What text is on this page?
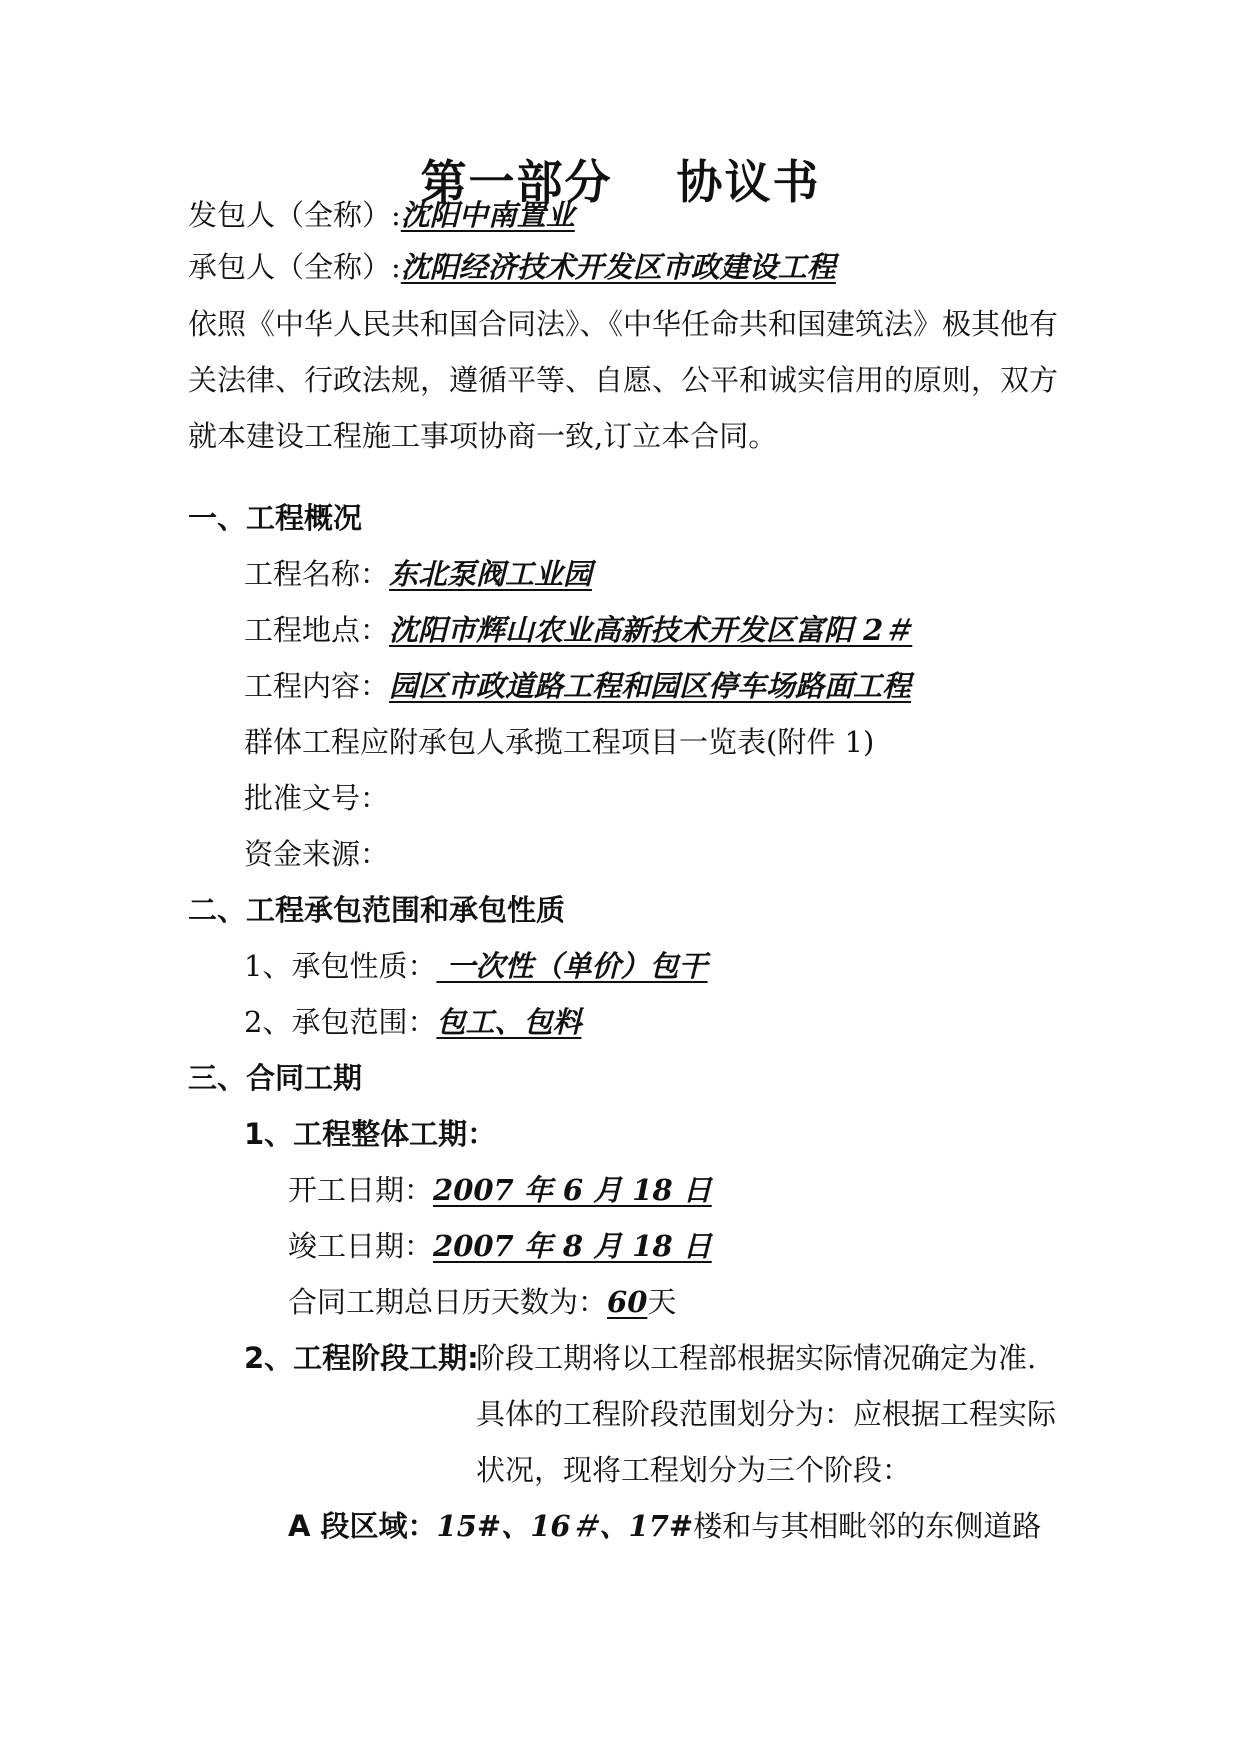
第一部分 协议书
发包人（全称）:沈阳中南置业
承包人（全称）:沈阳经济技术开发区市政建设工程
依照《中华人民共和国合同法》、《中华任命共和国建筑法》极其他有
关法律、行政法规，遵循平等、自愿、公平和诚实信用的原则，双方
就本建设工程施工事项协商一致,订立本合同。
一、工程概况
工程名称：东北泵阀工业园
工程地点：沈阳市辉山农业高新技术开发区富阳 2＃
工程内容：园区市政道路工程和园区停车场路面工程
群体工程应附承包人承揽工程项目一览表(附件 1)
批准文号：
资金来源：
二、工程承包范围和承包性质
1、承包性质： 一次性（单价）包干
2、承包范围：包工、包料
三、合同工期
1、工程整体工期：
开工日期：2007 年 6 月 18 日
竣工日期：2007 年 8 月 18 日
合同工期总日历天数为：60天
2、工程阶段工期:
阶段工期将以工程部根据实际情况确定为准.
具体的工程阶段范围划分为：应根据工程实际
状况，现将工程划分为三个阶段：
A 段区域：15#、16＃、17#楼和与其相毗邻的东侧道路
